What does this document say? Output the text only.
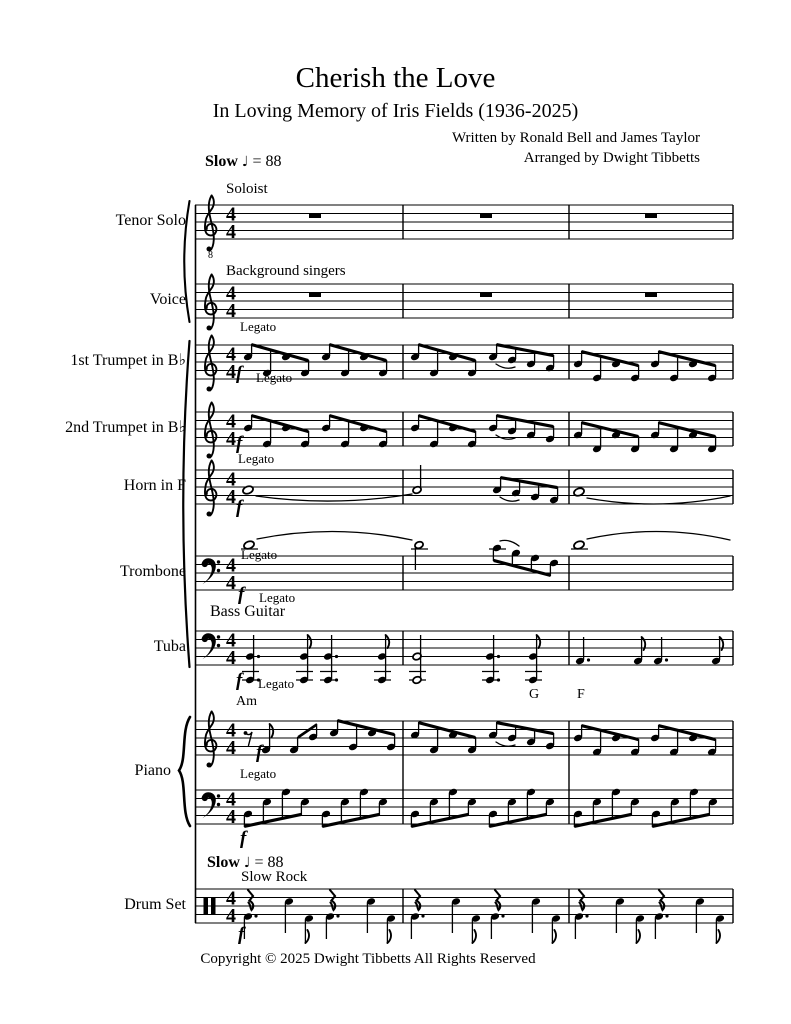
8
4
4
4
4
4
4
4
4
4
4
4
4
4
4
4
4
4
4
4
4
Cherish the Love
In Loving Memory of Iris Fields (1936-2025)
Written by Ronald Bell and James Taylor
Arranged by Dwight Tibbetts
Tenor Solo
Voice
1st Trumpet in B♭
2nd Trumpet in B♭
Horn in F
Trombone
Tuba
Piano
Drum Set
Soloist
Background singers
Legato
f Legato
f
Legato
f
Legato
f Legato
Bass Guitar
f Legato
Am
f
Legato
G	F
f
Slow Rock
f
Slow ♩ = 88
Slow ♩ = 88
Copyright © 2025 Dwight Tibbetts All Rights Reserved
